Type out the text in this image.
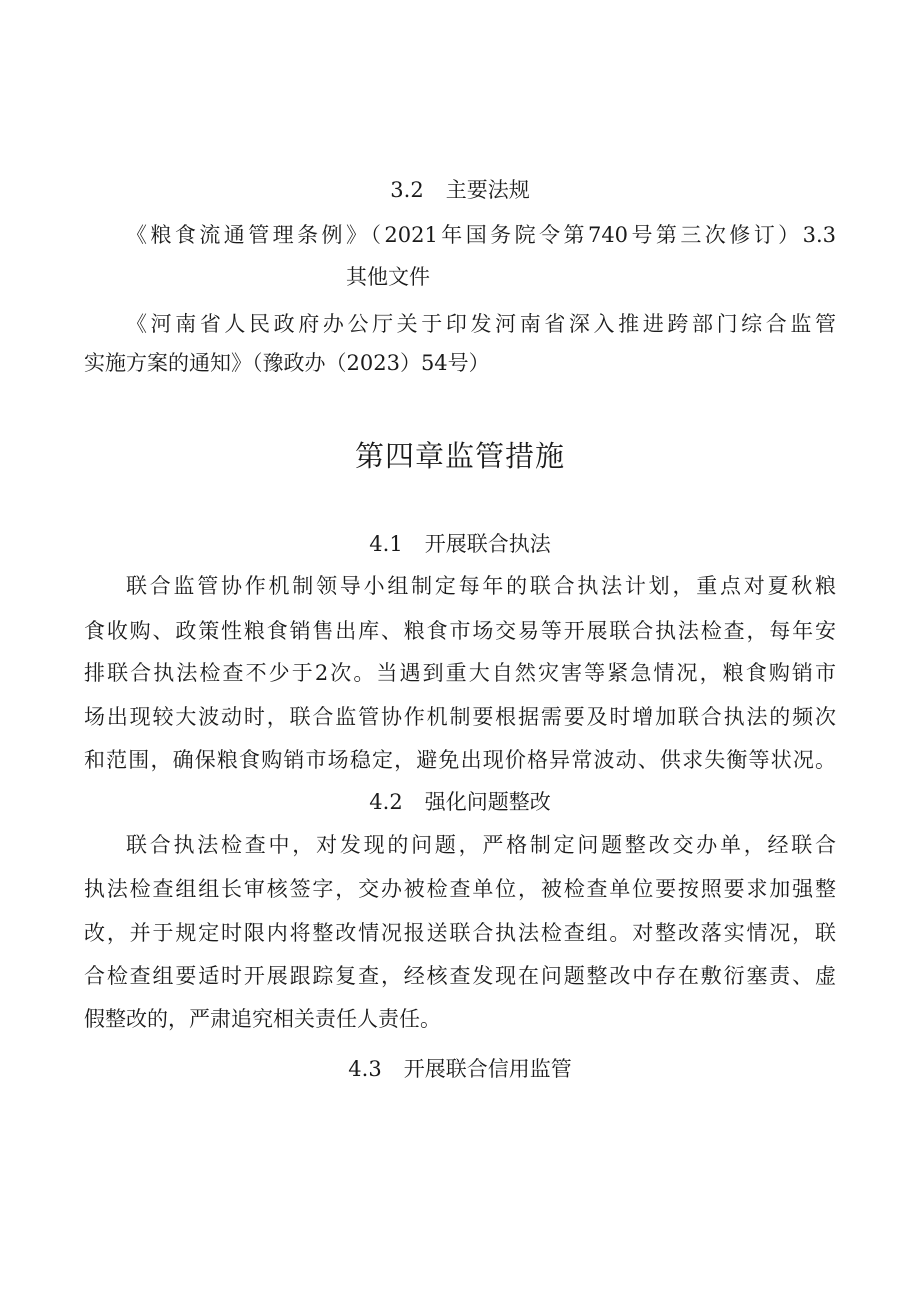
3.2 主要法规
《粮食流通管理条例》（2021年国务院令第740号第三次修订）3.3
其他文件
《河南省人民政府办公厅关于印发河南省深入推进跨部门综合监管
实施方案的通知》（豫政办（2023）54号）
第四章监管措施
4.1 开展联合执法
联合监管协作机制领导小组制定每年的联合执法计划，重点对夏秋粮
食收购、政策性粮食销售出库、粮食市场交易等开展联合执法检查，每年安
排联合执法检查不少于2次。当遇到重大自然灾害等紧急情况，粮食购销市
场出现较大波动时，联合监管协作机制要根据需要及时增加联合执法的频次
和范围，确保粮食购销市场稳定，避免出现价格异常波动、供求失衡等状况。
4.2 强化问题整改
联合执法检查中，对发现的问题，严格制定问题整改交办单，经联合
执法检查组组长审核签字，交办被检查单位，被检查单位要按照要求加强整
改，并于规定时限内将整改情况报送联合执法检查组。对整改落实情况，联
合检查组要适时开展跟踪复查，经核查发现在问题整改中存在敷衍塞责、虚
假整改的，严肃追究相关责任人责任。
4.3 开展联合信用监管
